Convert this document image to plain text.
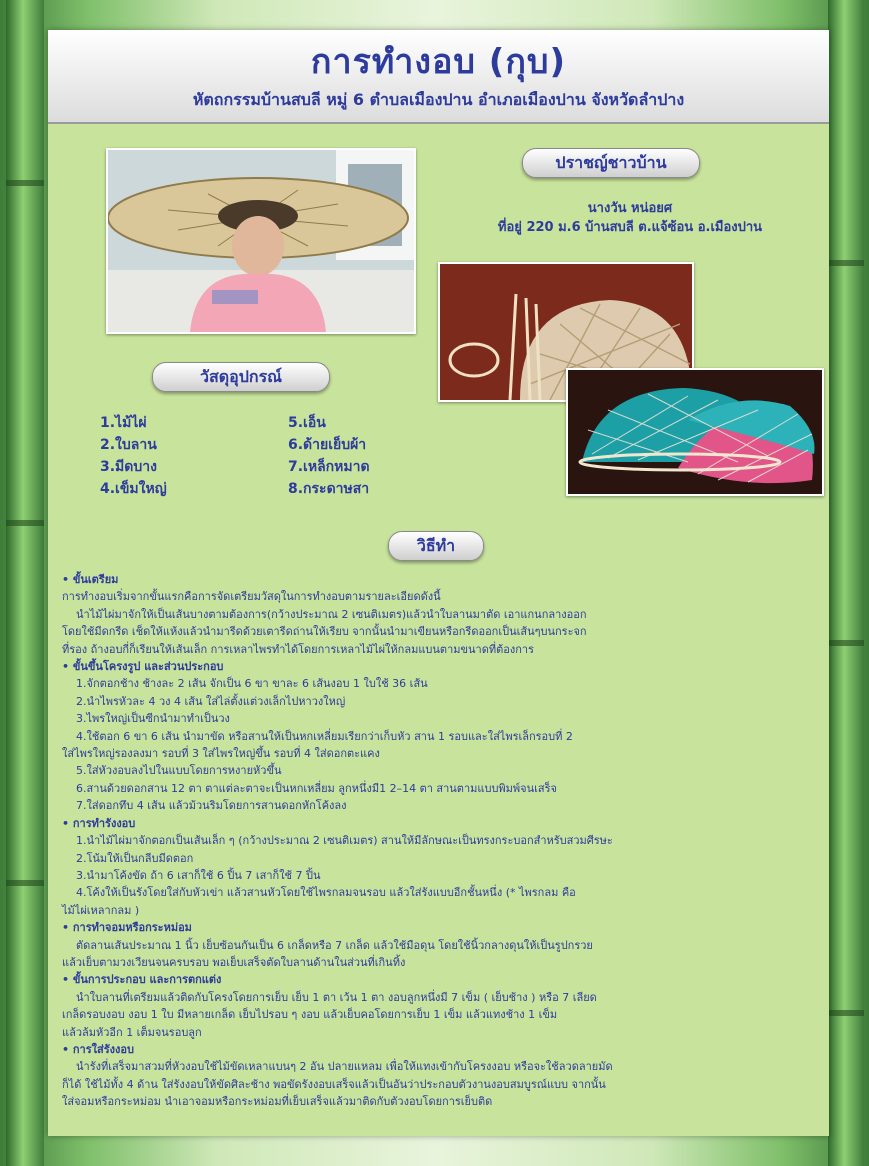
การทำงอบ (กุบ)
หัตถกรรมบ้านสบลี หมู่ 6 ตำบลเมืองปาน อำเภอเมืองปาน จังหวัดลำปาง
ปราชญ์ชาวบ้าน
นางวัน หน่อยศ
ที่อยู่ 220 ม.6 บ้านสบลี ต.แจ้ซ้อน อ.เมืองปาน
วัสดุอุปกรณ์
1.ไม้ไผ่
2.ใบลาน
3.มีดบาง
4.เข็มใหญ่
5.เอ็น
6.ด้ายเย็บผ้า
7.เหล็กหมาด
8.กระดาษสา
วิธีทำ

• ขั้นเตรียม

การทำงอบเริ่มจากขั้นแรกคือการจัดเตรียมวัสดุในการทำงอบตามรายละเอียดดังนี้

นำไม้ไผ่มาจักให้เป็นเส้นบางตามต้องการ(กว้างประมาณ 2 เซนติเมตร)แล้วนำใบลานมาตัด เอาแกนกลางออก

โดยใช้มีดกรีด เช็ดให้แห้งแล้วนำมารีดด้วยเตารีดถ่านให้เรียบ จากนั้นนำมาเขียนหรือกรีดออกเป็นเส้นๆบนกระจก

ที่รอง ถ้างอบกี่ก็เรียนให้เส้นเล็ก การเหลาไพรทำได้โดยการเหลาไม้ไผ่ให้กลมแบนตามขนาดที่ต้องการ

• ขั้นขึ้นโครงรูป และส่วนประกอบ

1.จักตอกช้าง ช้างละ 2 เส้น จักเป็น 6 ขา ขาละ 6 เส้นงอบ 1 ใบใช้ 36 เส้น

2.นำไพรหัวละ 4 วง 4 เส้น ใส่ไล่ตั้งแต่วงเล็กไปหาวงใหญ่

3.ไพรใหญ่เป็นซีกนำมาทำเป็นวง

4.ใช้ตอก 6 ขา 6 เส้น นำมาขัด หรือสานให้เป็นหกเหลี่ยมเรียกว่าเก็บหัว สาน 1 รอบและใส่ไพรเล็กรอบที่ 2

ใส่ไพรใหญ่รองลงมา รอบที่ 3 ใส่ไพรใหญ่ขึ้น รอบที่ 4 ใส่ดอกตะแคง

5.ใส่หัวงอบลงไปในแบบโดยการหงายหัวขึ้น

6.สานด้วยดอกสาน 12 ตา ตาแต่ละตาจะเป็นหกเหลี่ยม ลูกหนึ่งมี1 2–14 ตา สานตามแบบพิมพ์จนเสร็จ

7.ใส่ดอกทึบ 4 เส้น แล้วม้วนริมโดยการสานดอกหักโค้งลง

• การทำรังงอบ

1.นำไม้ไผ่มาจักตอกเป็นเส้นเล็ก ๆ (กว้างประมาณ 2 เซนติเมตร) สานให้มีลักษณะเป็นทรงกระบอกสำหรับสวมศีรษะ

2.โน้มให้เป็นกลีบมีดตอก

3.นำมาโค้งขัด ถ้า 6 เสาก็ใช้ 6 ปิ้น 7 เสาก็ใช้ 7 ปิ้น

4.โค้งให้เป็นรังโดยใส่กับหัวเข่า แล้วสานหัวโดยใช้ไพรกลมจนรอบ แล้วใส่รังแบบอีกชั้นหนึ่ง (* ไพรกลม คือ

ไม้ไผ่เหลากลม )

• การทำจอมหรือกระหม่อม

ตัดลานเส้นประมาณ 1 นิ้ว เย็บซ้อนกันเป็น 6 เกล็ดหรือ 7 เกล็ด แล้วใช้มือดุน โดยใช้นิ้วกลางดุนให้เป็นรูปกรวย

แล้วเย็บตามวงเวียนจนครบรอบ พอเย็บเสร็จตัดใบลานด้านในส่วนที่เกินทิ้ง

• ขั้นการประกอบ และการตกแต่ง

นำใบลานที่เตรียมแล้วติดกับโครงโดยการเย็บ เย็บ 1 ตา เว้น 1 ตา งอบลูกหนึ่งมี 7 เข็ม ( เย็บช้าง ) หรือ 7 เลียด

เกล็ดรอบงอบ งอบ 1 ใบ มีหลายเกล็ด เย็บไปรอบ ๆ งอบ แล้วเย็บคอโดยการเย็บ 1 เข็ม แล้วแทงช้าง 1 เข็ม

แล้วล้มหัวอีก 1 เต็มจนรอบลูก

• การใส่รังงอบ

นำรังที่เสร็จมาสวมที่หัวงอบใช้ไม้ขัดเหลาแบนๆ 2 อัน ปลายแหลม เพื่อให้แทงเข้ากับโครงงอบ หรือจะใช้ลวดลายมัด

ก็ได้ ใช้ไม้ทั้ง 4 ด้าน ใส่รังงอบให้ขัดศิละช้าง พอขัดรังงอบเสร็จแล้วเป็นอันว่าประกอบตัวงานงอบสมบูรณ์แบบ จากนั้น

ใส่จอมหรือกระหม่อม นำเอาจอมหรือกระหม่อมที่เย็บเสร็จแล้วมาติดกับตัวงอบโดยการเย็บติด
